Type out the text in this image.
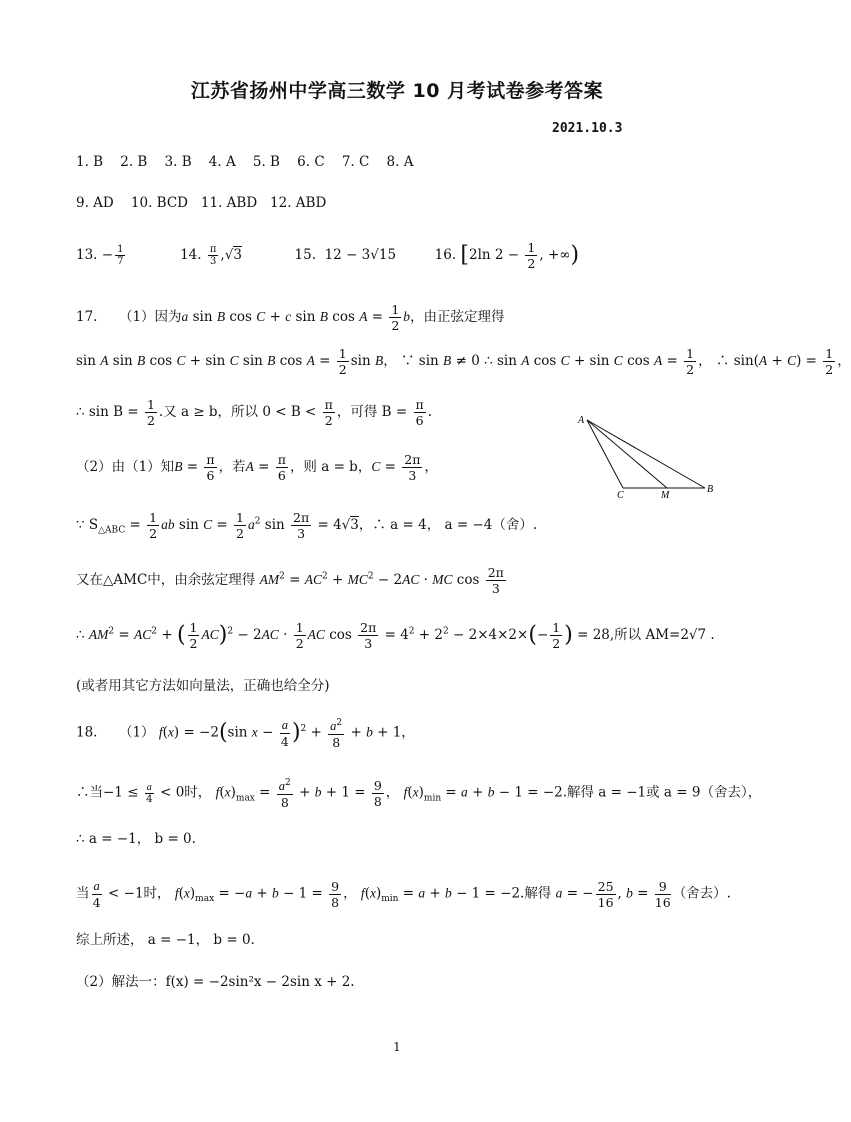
江苏省扬州中学高三数学 10 月考试卷参考答案
2021.10.3
1. B 2. B 3. B 4. A 5. B 6. C 7. C 8. A
9. AD 10. BCD 11. ABD 12. ABD
13. − $\frac{1}{7}$	14. $\frac{\pi}{3} ,√3$	15. 12 − 3√15	16. [2ln $2 - \frac{1}{2}$ , +∞)
17. （1）因为a sin B cos C + c sin B $\cos A = \frac{1}{2}$ b，由正弦定理得
sin A sin B cos C + sin C sin B $\cos A = \frac{1}{2}$ sin B， ∵ sin B ≠ 0 ∴ sin A cos C + sin C $\cos A = \frac{1}{2}$ ， ∴ $\sin(A + C) = \frac{1}{2}$ ，
∴ $\sin B = \frac{1}{2}$ .又 a ≥ b，所以 $0 < B < \frac{\pi}{2}$ ，可得 $B = \frac{\pi}{6}$ .
（2）由（1）知$B = \frac{\pi}{6}$ ，若$A = \frac{\pi}{6}$ ，则 a = b，$C = \frac{2\pi}{3}$ ，
∵ $S_{\triangle ABC} = \frac{1}{2}$ ab $\sin C = \frac{1}{2} a^2$ $\sin \frac{2\pi}{3} = 4√3$，∴ a = 4， a = −4（舍）.
又在△AMC中，由余弦定理得 $AM^2 = AC^2 + MC^2 - 2AC$ · MC $\cos \frac{2\pi}{3}$
∴ $AM^2 = AC^2$ + ( $\frac{1}{2} AC)^2 - 2AC \cdot \frac{1}{2}$ AC $\cos \frac{2\pi}{3} = 4^2 + 2^2 - 2\times 4\times 2\times(- \frac{1}{2}$ ) = 28,所以 AM=2√7 .
(或者用其它方法如向量法，正确也给全分)
18. （1） f(x) = −2(sin $x - \frac{a}{4} )^2 + \frac{a^2}{8} + b + 1$，
∴当$-1 \le \frac{a}{4} < 0$时， $f(x)_{max} = \frac{a^2}{8} + b + 1 = \frac{9}{8}$ ， $f(x)_{min} = a + b - 1 = -2$.解得 a = −1或 a = 9（舍去），
∴ a = −1， b = 0.
当 $\frac{a}{4} < -1$时， $f(x)_{max} = -a + b - 1 = \frac{9}{8}$ ， $f(x)_{min} = a + b - 1 = -2$.解得 a = − $\frac{25}{16}$ , $b = \frac{9}{16}$ （舍去）.
综上所述， a = −1， b = 0.
（2）解法一：f(x) = −2sin²x − 2sin x + 2.
A
C	M
B
1
